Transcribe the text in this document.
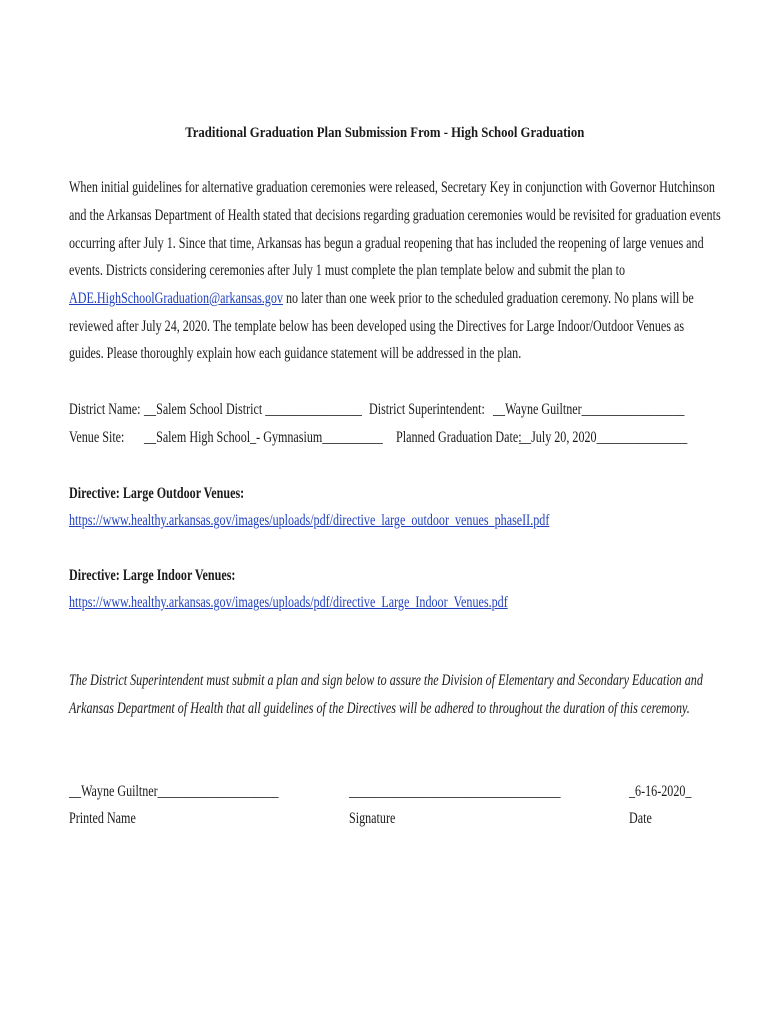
Traditional Graduation Plan Submission From - High School Graduation
When initial guidelines for alternative graduation ceremonies were released, Secretary Key in conjunction with Governor Hutchinson
and the Arkansas Department of Health stated that decisions regarding graduation ceremonies would be revisited for graduation events
occurring after July 1. Since that time, Arkansas has begun a gradual reopening that has included the reopening of large venues and
events. Districts considering ceremonies after July 1 must complete the plan template below and submit the plan to
ADE.HighSchoolGraduation@arkansas.gov no later than one week prior to the scheduled graduation ceremony. No plans will be
reviewed after July 24, 2020. The template below has been developed using the Directives for Large Indoor/Outdoor Venues as
guides. Please thoroughly explain how each guidance statement will be addressed in the plan.
District Name: __Salem School District ________________ District Superintendent: __Wayne Guiltner_________________
Venue Site:	__Salem High School_- Gymnasium__________ Planned Graduation Date:
__July 20, 2020_______________
Directive: Large Outdoor Venues:
https://www.healthy.arkansas.gov/images/uploads/pdf/directive_large_outdoor_venues_phaseII.pdf
Directive: Large Indoor Venues:
https://www.healthy.arkansas.gov/images/uploads/pdf/directive_Large_Indoor_Venues.pdf
The District Superintendent must submit a plan and sign below to assure the Division of Elementary and Secondary Education and
Arkansas Department of Health that all guidelines of the Directives will be adhered to throughout the duration of this ceremony.
__Wayne Guiltner____________________
Printed Name
___________________________________
Signature
_6-16-2020_
Date
